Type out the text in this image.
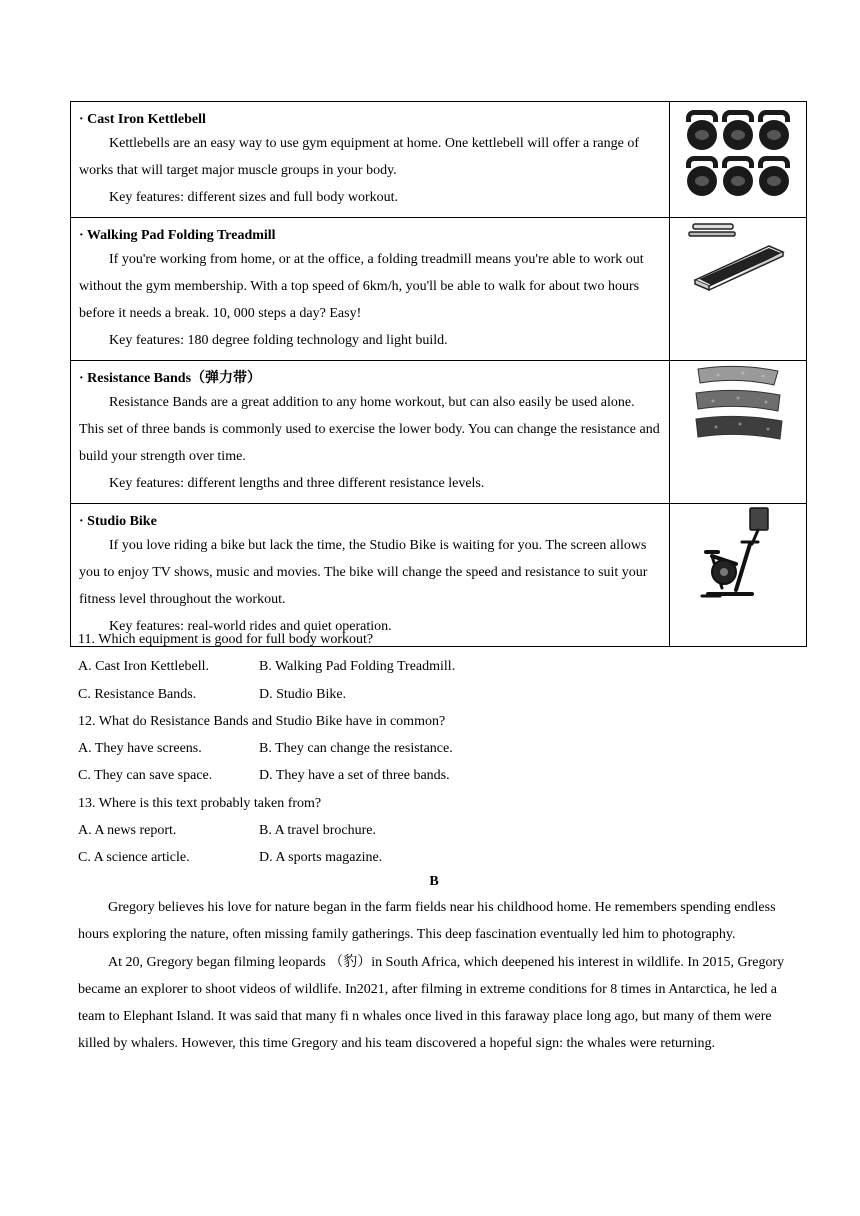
· Cast Iron Kettlebell

Kettlebells are an easy way to use gym equipment at home. One kettlebell will offer a range of works that will target major muscle groups in your body.

Key features: different sizes and full body workout.

· Walking Pad Folding Treadmill

If you're working from home, or at the office, a folding treadmill means you're able to work out without the gym membership. With a top speed of 6km/h, you'll be able to walk for about two hours before it needs a break. 10, 000 steps a day? Easy!

Key features: 180 degree folding technology and light build.

· Resistance Bands（弹力带）

Resistance Bands are a great addition to any home workout, but can also easily be used alone. This set of three bands is commonly used to exercise the lower body. You can change the resistance and build your strength over time.

Key features: different lengths and three different resistance levels.

· Studio Bike

If you love riding a bike but lack the time, the Studio Bike is waiting for you. The screen allows you to enjoy TV shows, music and movies. The bike will change the speed and resistance to suit your fitness level throughout the workout.

Key features: real-world rides and quiet operation.

11. Which equipment is good for full body workout?
A. Cast Iron Kettlebell.	B. Walking Pad Folding Treadmill.
C. Resistance Bands.	D. Studio Bike.
12. What do Resistance Bands and Studio Bike have in common?
A. They have screens.	B. They can change the resistance.
C. They can save space.	D. They have a set of three bands.
13. Where is this text probably taken from?
A. A news report.	B. A travel brochure.
C. A science article.	D. A sports magazine.
B

Gregory believes his love for nature began in the farm fields near his childhood home. He remembers spending endless hours exploring the nature, often missing family gatherings. This deep fascination eventually led him to photography.

At 20, Gregory began filming leopards （豹）in South Africa, which deepened his interest in wildlife. In 2015, Gregory became an explorer to shoot videos of wildlife. In2021, after filming in extreme conditions for 8 times in Antarctica, he led a team to Elephant Island. It was said that many fi n whales once lived in this faraway place long ago, but many of them were killed by whalers. However, this time Gregory and his team discovered a hopeful sign: the whales were returning.
